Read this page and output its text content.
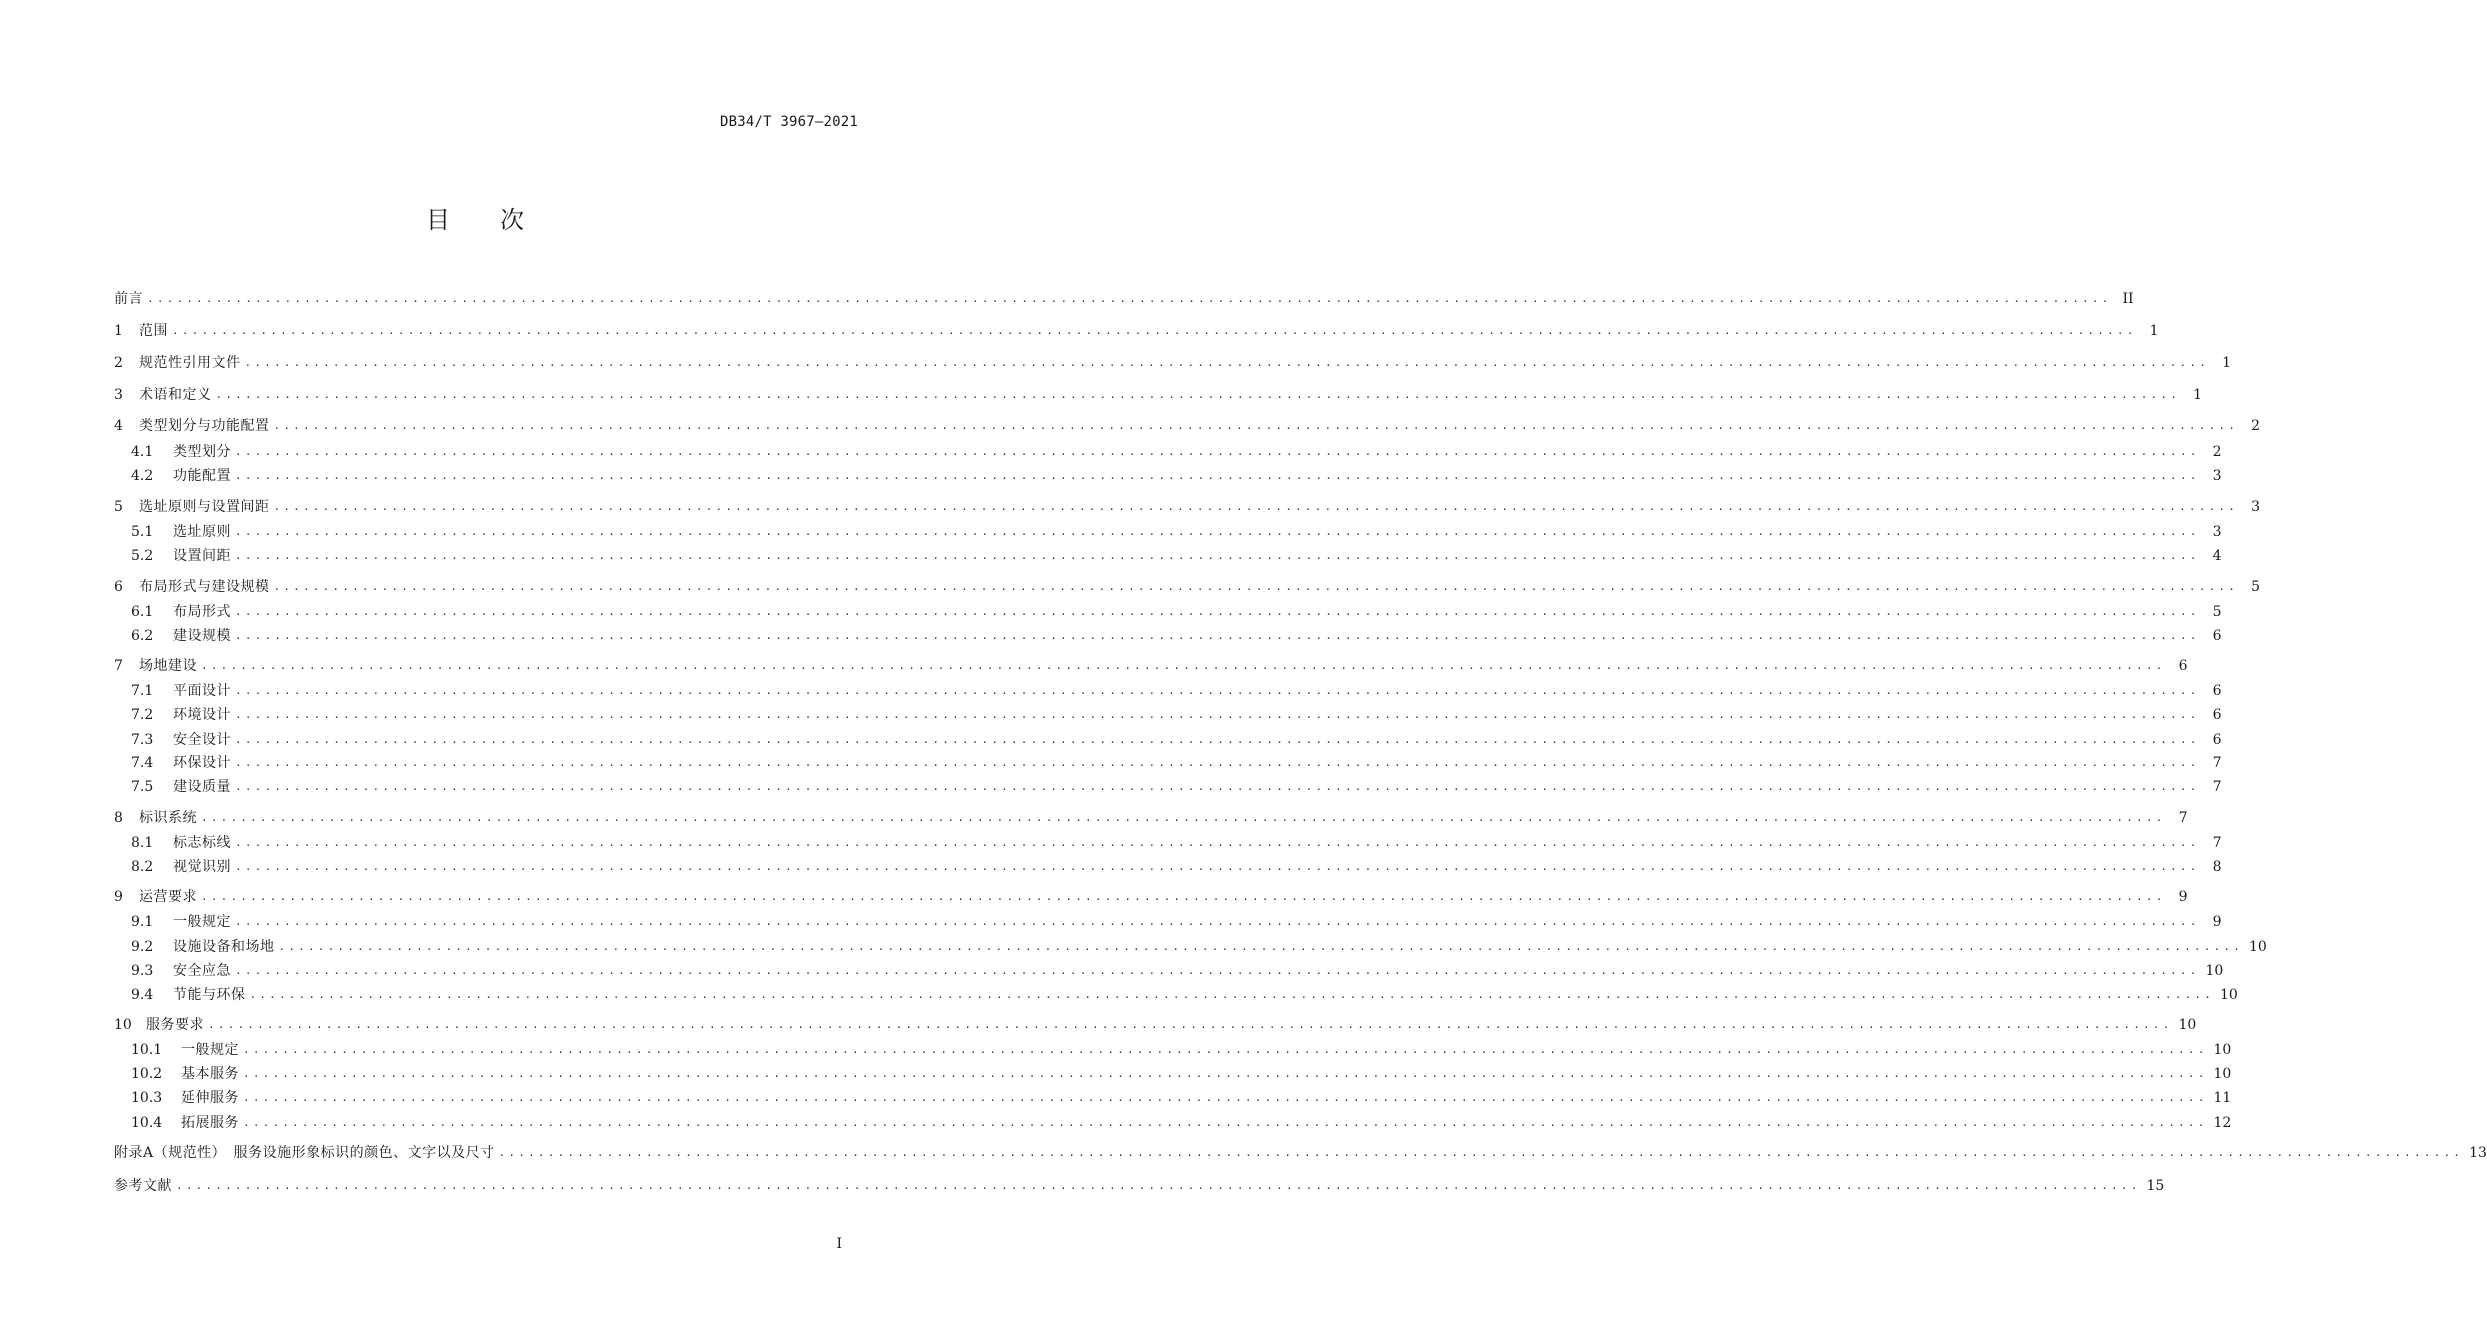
DB34/T 3967—2021
目 次
前言 ........................................................................................................................................................................................................ II
1	范围 ........................................................................................................................................................................................................ 1
2	规范性引用文件 ........................................................................................................................................................................................................ 1
3	术语和定义 ........................................................................................................................................................................................................ 1
4	类型划分与功能配置 ........................................................................................................................................................................................................ 2
4.1	类型划分 ........................................................................................................................................................................................................ 2
4.2	功能配置 ........................................................................................................................................................................................................ 3
5	选址原则与设置间距 ........................................................................................................................................................................................................ 3
5.1	选址原则 ........................................................................................................................................................................................................ 3
5.2	设置间距 ........................................................................................................................................................................................................ 4
6	布局形式与建设规模 ........................................................................................................................................................................................................ 5
6.1	布局形式 ........................................................................................................................................................................................................ 5
6.2	建设规模 ........................................................................................................................................................................................................ 6
7	场地建设 ........................................................................................................................................................................................................ 6
7.1	平面设计 ........................................................................................................................................................................................................ 6
7.2	环境设计 ........................................................................................................................................................................................................ 6
7.3	安全设计 ........................................................................................................................................................................................................ 6
7.4	环保设计 ........................................................................................................................................................................................................ 7
7.5	建设质量 ........................................................................................................................................................................................................ 7
8	标识系统 ........................................................................................................................................................................................................ 7
8.1	标志标线 ........................................................................................................................................................................................................ 7
8.2	视觉识别 ........................................................................................................................................................................................................ 8
9	运营要求 ........................................................................................................................................................................................................ 9
9.1	一般规定 ........................................................................................................................................................................................................ 9
9.2	设施设备和场地 ........................................................................................................................................................................................................ 10
9.3	安全应急 ........................................................................................................................................................................................................ 10
9.4	节能与环保 ........................................................................................................................................................................................................ 10
10	服务要求 ........................................................................................................................................................................................................ 10
10.1	一般规定 ........................................................................................................................................................................................................ 10
10.2	基本服务 ........................................................................................................................................................................................................ 10
10.3	延伸服务 ........................................................................................................................................................................................................ 11
10.4	拓展服务 ........................................................................................................................................................................................................ 12
附录A（规范性）　服务设施形象标识的颜色、文字以及尺寸 ........................................................................................................................................................................................................ 13
参考文献 ........................................................................................................................................................................................................ 15
I
